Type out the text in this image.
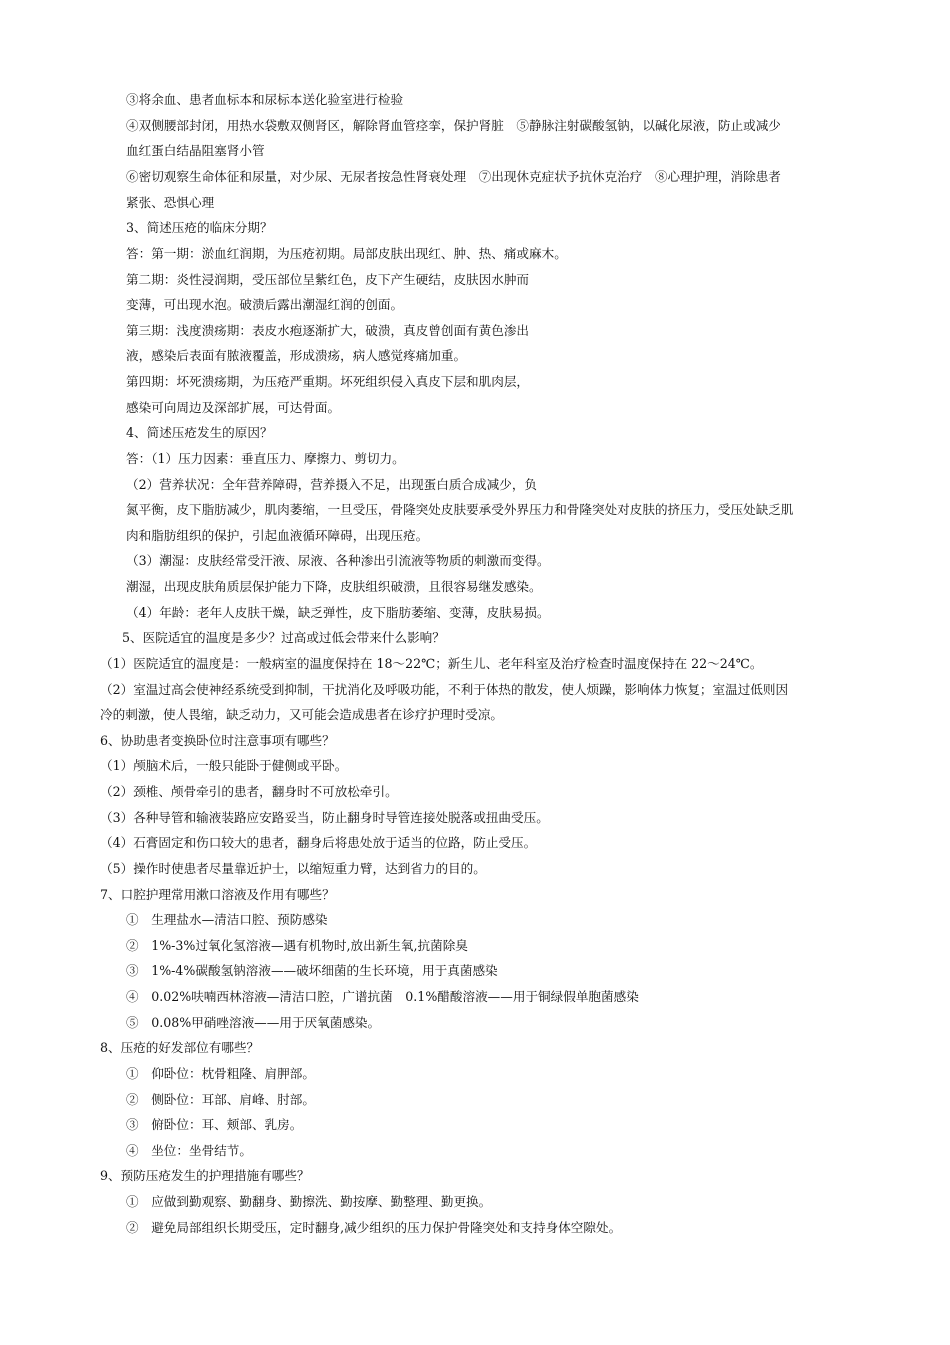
③将余血、患者血标本和尿标本送化验室进行检验

④双侧腰部封闭，用热水袋敷双侧肾区，解除肾血管痉挛，保护肾脏　⑤静脉注射碳酸氢钠，以碱化尿液，防止或减少

血红蛋白结晶阻塞肾小管

⑥密切观察生命体征和尿量，对少尿、无尿者按急性肾衰处理　⑦出现休克症状予抗休克治疗　⑧心理护理，消除患者

紧张、恐惧心理

3、简述压疮的临床分期？

答：第一期：淤血红润期，为压疮初期。局部皮肤出现红、肿、热、痛或麻木。

第二期：炎性浸润期，受压部位呈紫红色，皮下产生硬结，皮肤因水肿而

变薄，可出现水泡。破溃后露出潮湿红润的创面。

第三期：浅度溃疡期：表皮水疱逐渐扩大，破溃，真皮曾创面有黄色渗出

液，感染后表面有脓液覆盖，形成溃疡，病人感觉疼痛加重。

第四期：坏死溃疡期，为压疮严重期。坏死组织侵入真皮下层和肌肉层，

感染可向周边及深部扩展，可达骨面。

4、简述压疮发生的原因？

答：（1）压力因素：垂直压力、摩擦力、剪切力。

（2）营养状况：全年营养障碍，营养摄入不足，出现蛋白质合成减少，负

氮平衡，皮下脂肪减少，肌肉萎缩，一旦受压，骨隆突处皮肤要承受外界压力和骨隆突处对皮肤的挤压力，受压处缺乏肌

肉和脂肪组织的保护，引起血液循环障碍，出现压疮。

（3）潮湿：皮肤经常受汗液、尿液、各种渗出引流液等物质的刺激而变得。

潮湿，出现皮肤角质层保护能力下降，皮肤组织破溃，且很容易继发感染。

（4）年龄：老年人皮肤干燥，缺乏弹性，皮下脂肪萎缩、变薄，皮肤易损。

5、医院适宜的温度是多少？过高或过低会带来什么影响？

（1）医院适宜的温度是：一般病室的温度保持在 18～22℃；新生儿、老年科室及治疗检查时温度保持在 22～24℃。

（2）室温过高会使神经系统受到抑制，干扰消化及呼吸功能，不利于体热的散发，使人烦躁，影响体力恢复；室温过低则因

冷的刺激，使人畏缩，缺乏动力，又可能会造成患者在诊疗护理时受凉。

6、协助患者变换卧位时注意事项有哪些？

（1）颅脑术后，一般只能卧于健侧或平卧。

（2）颈椎、颅骨牵引的患者，翻身时不可放松牵引。

（3）各种导管和输液装路应安路妥当，防止翻身时导管连接处脱落或扭曲受压。

（4）石膏固定和伤口较大的患者，翻身后将患处放于适当的位路，防止受压。

（5）操作时使患者尽量靠近护士，以缩短重力臂，达到省力的目的。

7、口腔护理常用漱口溶液及作用有哪些？

①　生理盐水—清洁口腔、预防感染

②　1%-3%过氧化氢溶液—遇有机物时,放出新生氧,抗菌除臭

③　1%-4%碳酸氢钠溶液——破坏细菌的生长环境，用于真菌感染

④　0.02%呋喃西林溶液—清洁口腔，广谱抗菌　0.1%醋酸溶液——用于铜绿假单胞菌感染

⑤　0.08%甲硝唑溶液——用于厌氧菌感染。

8、压疮的好发部位有哪些？

①　仰卧位：枕骨粗隆、肩胛部。

②　侧卧位：耳部、肩峰、肘部。

③　俯卧位：耳、颊部、乳房。

④　坐位：坐骨结节。

9、预防压疮发生的护理措施有哪些？

①　应做到勤观察、勤翻身、勤擦洗、勤按摩、勤整理、勤更换。

②　避免局部组织长期受压，定时翻身,减少组织的压力保护骨隆突处和支持身体空隙处。
